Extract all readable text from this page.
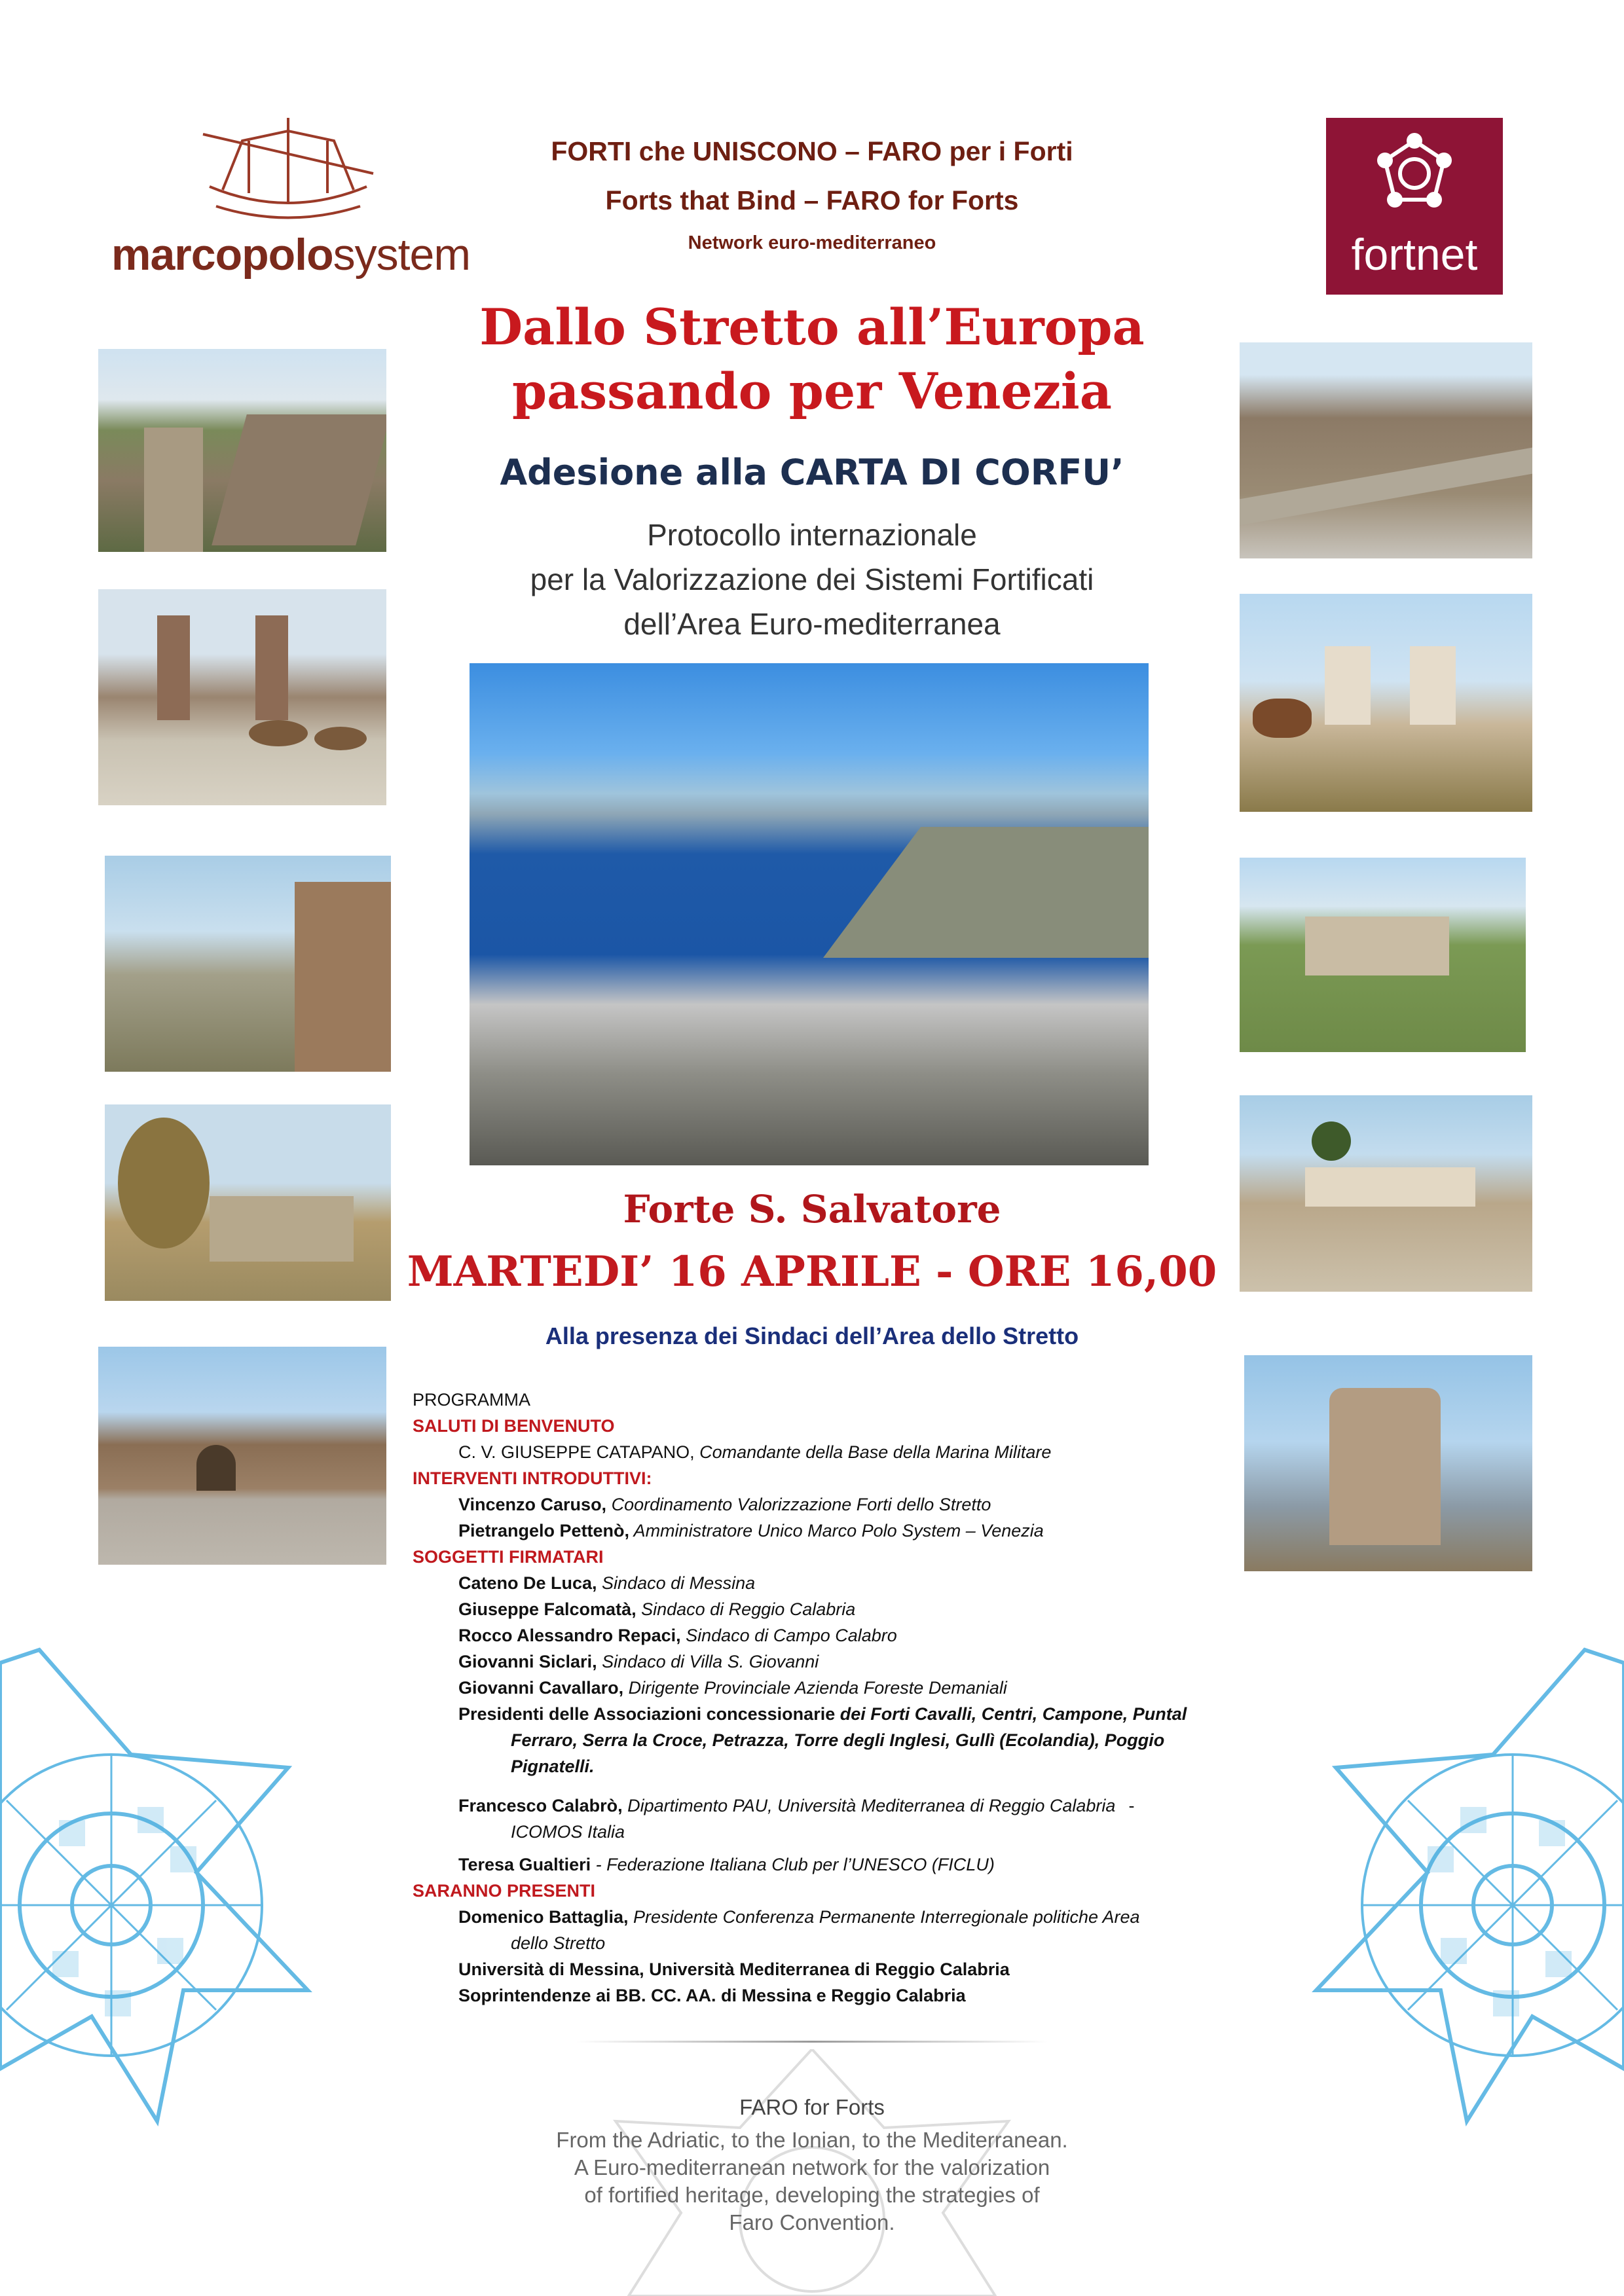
marcopolosystem	fortnet
FORTI che UNISCONO – FARO per i Forti
Forts that Bind – FARO for Forts
Network euro-mediterraneo
Dallo Stretto all’Europa
passando per Venezia
Adesione alla CARTA DI CORFU’
Protocollo internazionale
per la Valorizzazione dei Sistemi Fortificati
dell’Area Euro-mediterranea
Forte S. Salvatore
MARTEDI’ 16 APRILE - ORE 16,00
Alla presenza dei Sindaci dell’Area dello Stretto
PROGRAMMA
SALUTI DI BENVENUTO
C. V. GIUSEPPE CATAPANO, Comandante della Base della Marina Militare
INTERVENTI INTRODUTTIVI:
Vincenzo Caruso, Coordinamento Valorizzazione Forti dello Stretto
Pietrangelo Pettenò, Amministratore Unico Marco Polo System – Venezia
SOGGETTI FIRMATARI
Cateno De Luca, Sindaco di Messina
Giuseppe Falcomatà, Sindaco di Reggio Calabria
Rocco Alessandro Repaci, Sindaco di Campo Calabro
Giovanni Siclari, Sindaco di Villa S. Giovanni
Giovanni Cavallaro, Dirigente Provinciale Azienda Foreste Demaniali
Presidenti delle Associazioni concessionarie dei Forti Cavalli, Centri, Campone, Puntal
Ferraro, Serra la Croce, Petrazza, Torre degli Inglesi, Gullì (Ecolandia), Poggio
Pignatelli.
Francesco Calabrò, Dipartimento PAU, Università Mediterranea di Reggio Calabria -
ICOMOS Italia
Teresa Gualtieri - Federazione Italiana Club per l’UNESCO (FICLU)
SARANNO PRESENTI
Domenico Battaglia, Presidente Conferenza Permanente Interregionale politiche Area
dello Stretto
Università di Messina, Università Mediterranea di Reggio Calabria
Soprintendenze ai BB. CC. AA. di Messina e Reggio Calabria
FARO for Forts
From the Adriatic, to the Ionian, to the Mediterranean.
A Euro-mediterranean network for the valorization
of fortified heritage, developing the strategies of
Faro Convention.
